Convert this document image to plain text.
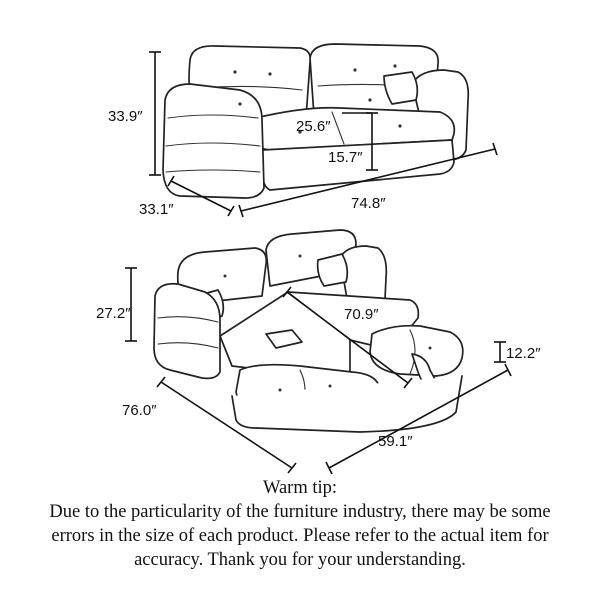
33.9″
25.6″
15.7″
33.1″	74.8″
27.2″	70.9″
12.2″
76.0″
59.1″
Warm tip:
Due to the particularity of the furniture industry, there may be some
errors in the size of each product. Please refer to the actual item for
accuracy. Thank you for your understanding.
